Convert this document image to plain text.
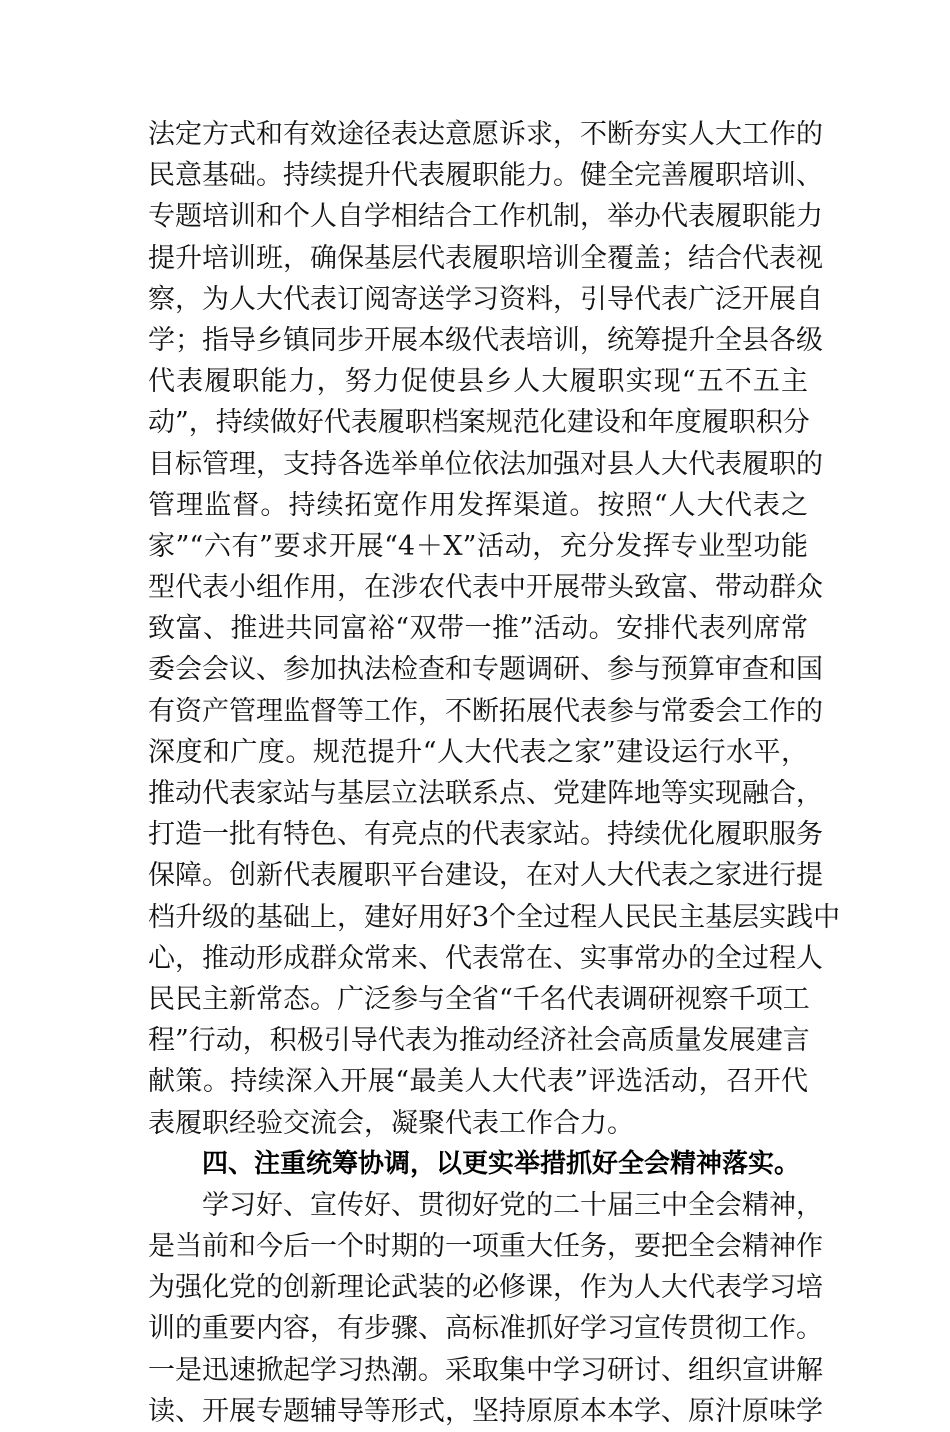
法定方式和有效途径表达意愿诉求，不断夯实人大工作的
民意基础。持续提升代表履职能力。健全完善履职培训、
专题培训和个人自学相结合工作机制，举办代表履职能力
提升培训班，确保基层代表履职培训全覆盖；结合代表视
察，为人大代表订阅寄送学习资料，引导代表广泛开展自
学；指导乡镇同步开展本级代表培训，统筹提升全县各级
代表履职能力，努力促使县乡人大履职实现“五不五主
动”，持续做好代表履职档案规范化建设和年度履职积分
目标管理，支持各选举单位依法加强对县人大代表履职的
管理监督。持续拓宽作用发挥渠道。按照“人大代表之
家”“六有”要求开展“4＋X”活动，充分发挥专业型功能
型代表小组作用，在涉农代表中开展带头致富、带动群众
致富、推进共同富裕“双带一推”活动。安排代表列席常
委会会议、参加执法检查和专题调研、参与预算审查和国
有资产管理监督等工作，不断拓展代表参与常委会工作的
深度和广度。规范提升“人大代表之家”建设运行水平，
推动代表家站与基层立法联系点、党建阵地等实现融合，
打造一批有特色、有亮点的代表家站。持续优化履职服务
保障。创新代表履职平台建设，在对人大代表之家进行提
档升级的基础上，建好用好3个全过程人民民主基层实践中
心，推动形成群众常来、代表常在、实事常办的全过程人
民民主新常态。广泛参与全省“千名代表调研视察千项工
程”行动，积极引导代表为推动经济社会高质量发展建言
献策。持续深入开展“最美人大代表”评选活动，召开代
表履职经验交流会，凝聚代表工作合力。
四、注重统筹协调，以更实举措抓好全会精神落实。
学习好、宣传好、贯彻好党的二十届三中全会精神，
是当前和今后一个时期的一项重大任务，要把全会精神作
为强化党的创新理论武装的必修课，作为人大代表学习培
训的重要内容，有步骤、高标准抓好学习宣传贯彻工作。
一是迅速掀起学习热潮。采取集中学习研讨、组织宣讲解
读、开展专题辅导等形式，坚持原原本本学、原汁原味学
